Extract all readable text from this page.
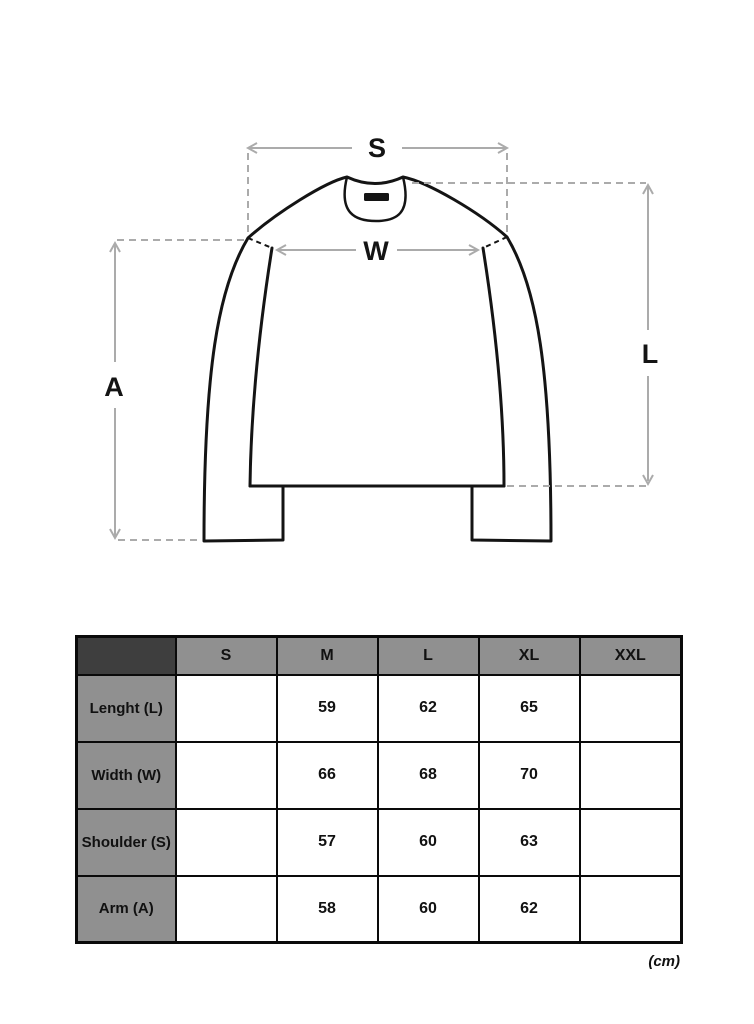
S
W
A
L
	S	M	L	XL	XXL
Lenght (L)		59	62	65	
Width (W)		66	68	70	
Shoulder (S)		57	60	63	
Arm (A)		58	60	62	
(cm)
